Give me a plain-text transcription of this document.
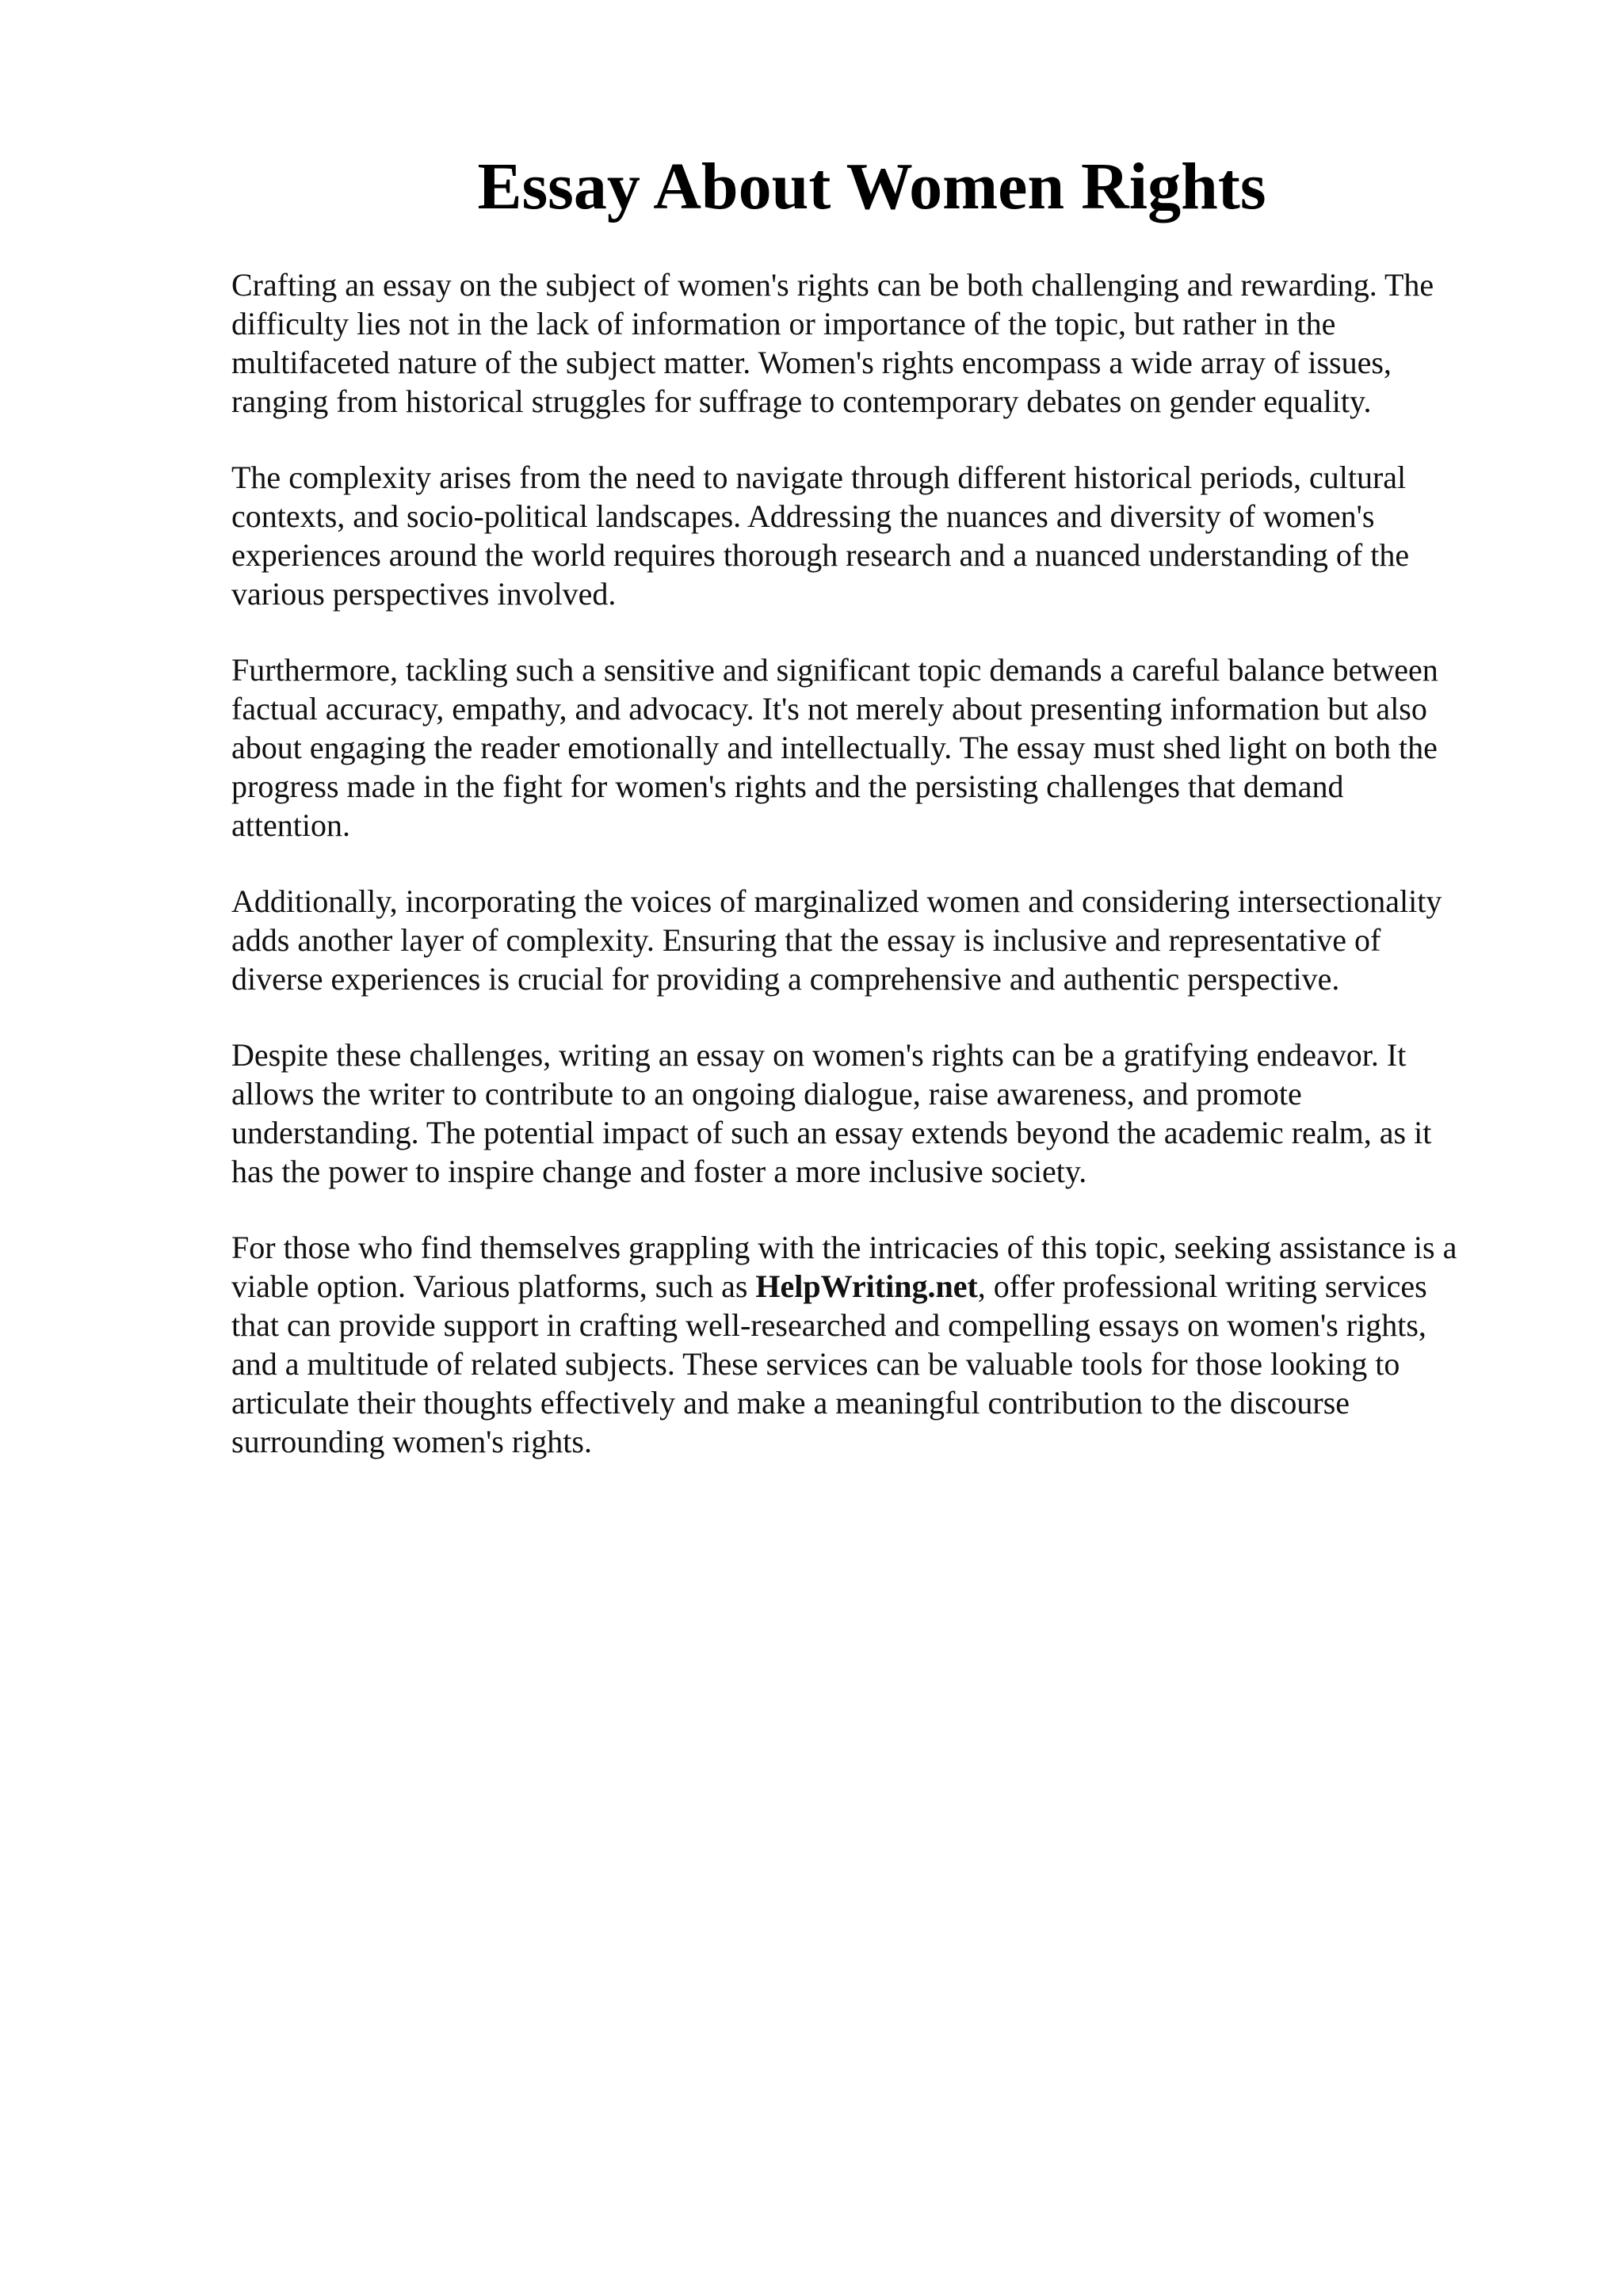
Essay About Women Rights

Crafting an essay on the subject of women's rights can be both challenging and rewarding. The
difficulty lies not in the lack of information or importance of the topic, but rather in the
multifaceted nature of the subject matter. Women's rights encompass a wide array of issues,
ranging from historical struggles for suffrage to contemporary debates on gender equality.

The complexity arises from the need to navigate through different historical periods, cultural
contexts, and socio-political landscapes. Addressing the nuances and diversity of women's
experiences around the world requires thorough research and a nuanced understanding of the
various perspectives involved.

Furthermore, tackling such a sensitive and significant topic demands a careful balance between
factual accuracy, empathy, and advocacy. It's not merely about presenting information but also
about engaging the reader emotionally and intellectually. The essay must shed light on both the
progress made in the fight for women's rights and the persisting challenges that demand
attention.

Additionally, incorporating the voices of marginalized women and considering intersectionality
adds another layer of complexity. Ensuring that the essay is inclusive and representative of
diverse experiences is crucial for providing a comprehensive and authentic perspective.

Despite these challenges, writing an essay on women's rights can be a gratifying endeavor. It
allows the writer to contribute to an ongoing dialogue, raise awareness, and promote
understanding. The potential impact of such an essay extends beyond the academic realm, as it
has the power to inspire change and foster a more inclusive society.

For those who find themselves grappling with the intricacies of this topic, seeking assistance is a
viable option. Various platforms, such as HelpWriting.net, offer professional writing services
that can provide support in crafting well-researched and compelling essays on women's rights,
and a multitude of related subjects. These services can be valuable tools for those looking to
articulate their thoughts effectively and make a meaningful contribution to the discourse
surrounding women's rights.
